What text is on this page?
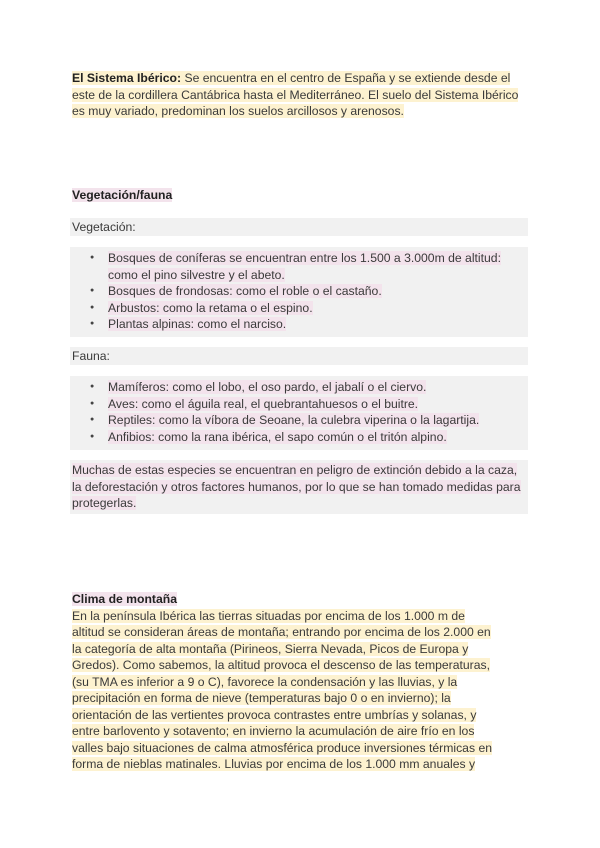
El Sistema Ibérico: Se encuentra en el centro de España y se extiende desde el este de la cordillera Cantábrica hasta el Mediterráneo. El suelo del Sistema Ibérico es muy variado, predominan los suelos arcillosos y arenosos.
Vegetación/fauna
Vegetación:
● Bosques de coníferas se encuentran entre los 1.500 a 3.000m de altitud: como el pino silvestre y el abeto.
● Bosques de frondosas: como el roble o el castaño.
● Arbustos: como la retama o el espino.
● Plantas alpinas: como el narciso.
Fauna:
● Mamíferos: como el lobo, el oso pardo, el jabalí o el ciervo.
● Aves: como el águila real, el quebrantahuesos o el buitre.
● Reptiles: como la víbora de Seoane, la culebra viperina o la lagartija.
● Anfibios: como la rana ibérica, el sapo común o el tritón alpino.
Muchas de estas especies se encuentran en peligro de extinción debido a la caza, la deforestación y otros factores humanos, por lo que se han tomado medidas para protegerlas.
Clima de montaña
En la península Ibérica las tierras situadas por encima de los 1.000 m de altitud se consideran áreas de montaña; entrando por encima de los 2.000 en la categoría de alta montaña (Pirineos, Sierra Nevada, Picos de Europa y Gredos). Como sabemos, la altitud provoca el descenso de las temperaturas, (su TMA es inferior a 9 o C), favorece la condensación y las lluvias, y la precipitación en forma de nieve (temperaturas bajo 0 o en invierno); la orientación de las vertientes provoca contrastes entre umbrías y solanas, y entre barlovento y sotavento; en invierno la acumulación de aire frío en los valles bajo situaciones de calma atmosférica produce inversiones térmicas en forma de nieblas matinales. Lluvias por encima de los 1.000 mm anuales y
